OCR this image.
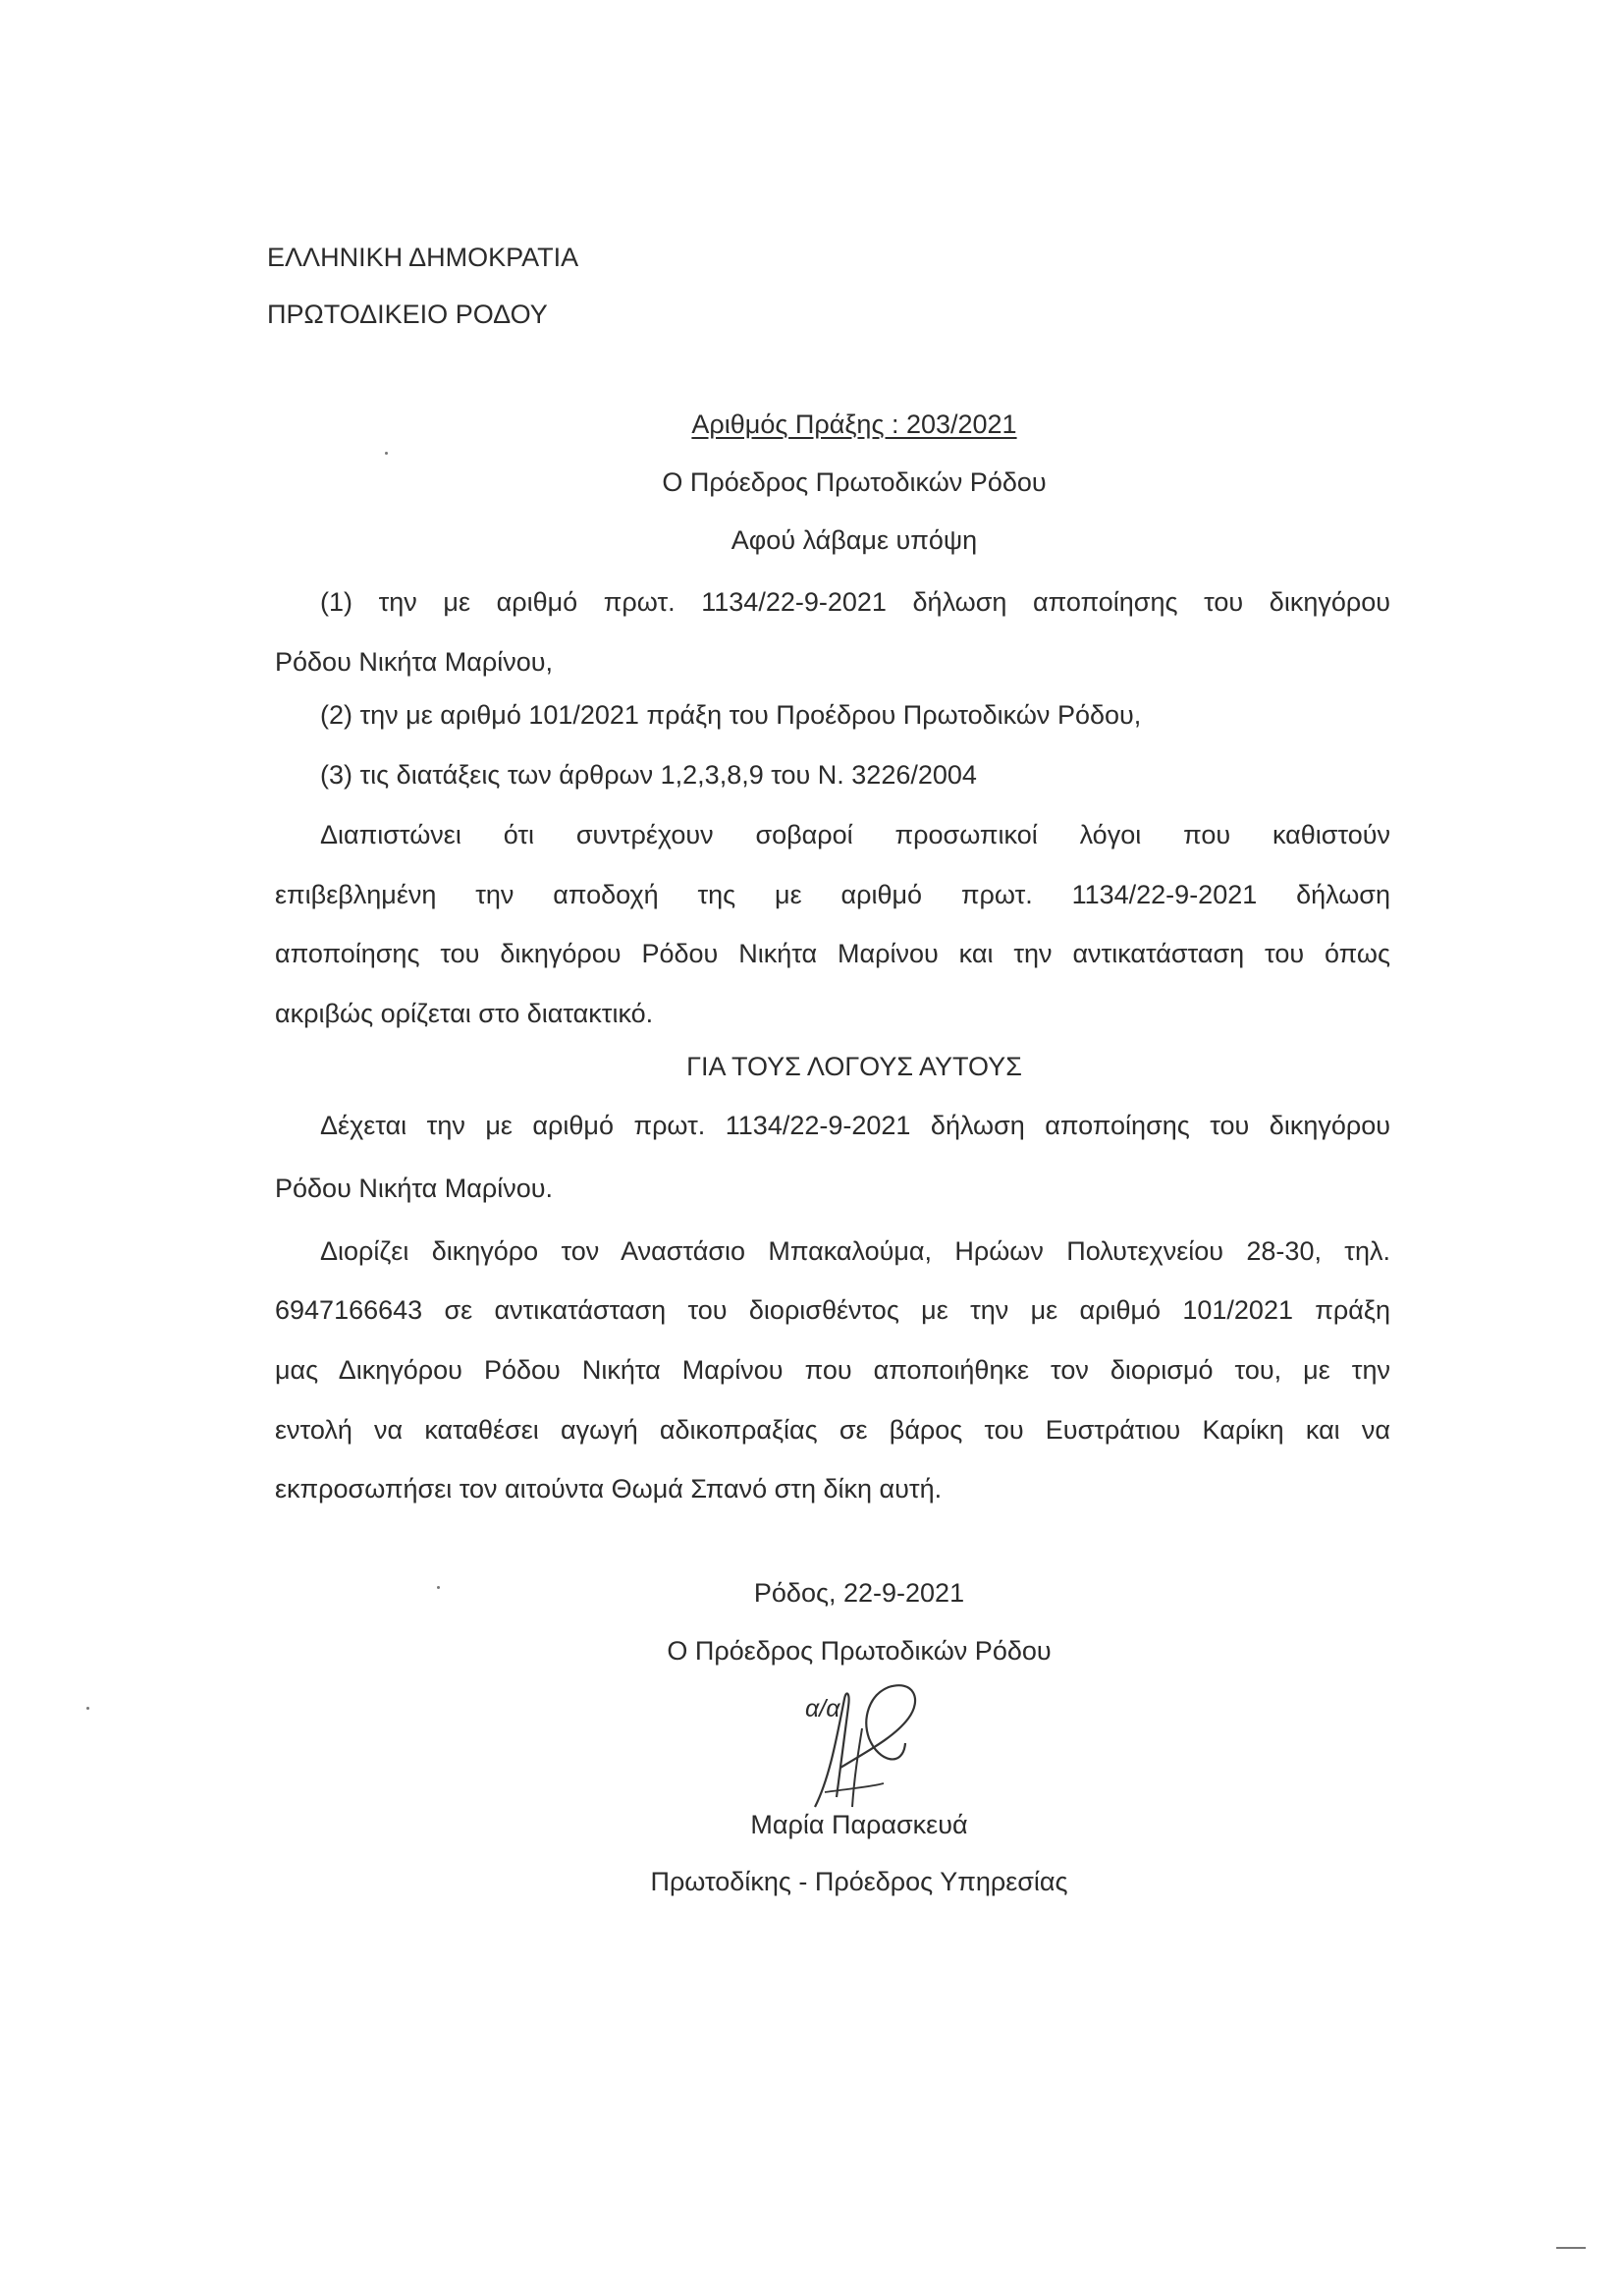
ΕΛΛΗΝΙΚΗ ΔΗΜΟΚΡΑΤΙΑ
ΠΡΩΤΟΔΙΚΕΙΟ ΡΟΔΟΥ
Αριθμός Πράξης : 203/2021
Ο Πρόεδρος Πρωτοδικών Ρόδου
Αφού λάβαμε υπόψη
(1) την με αριθμό πρωτ. 1134/22-9-2021 δήλωση αποποίησης του δικηγόρου
Ρόδου Νικήτα Μαρίνου,
(2) την με αριθμό 101/2021 πράξη του Προέδρου Πρωτοδικών Ρόδου,
(3) τις διατάξεις των άρθρων 1,2,3,8,9 του Ν. 3226/2004
Διαπιστώνει ότι συντρέχουν σοβαροί προσωπικοί λόγοι που καθιστούν
επιβεβλημένη την αποδοχή της με αριθμό πρωτ. 1134/22-9-2021 δήλωση
αποποίησης του δικηγόρου Ρόδου Νικήτα Μαρίνου και την αντικατάσταση του όπως
ακριβώς ορίζεται στο διατακτικό.
ΓΙΑ ΤΟΥΣ ΛΟΓΟΥΣ ΑΥΤΟΥΣ
Δέχεται την με αριθμό πρωτ. 1134/22-9-2021 δήλωση αποποίησης του δικηγόρου
Ρόδου Νικήτα Μαρίνου.
Διορίζει δικηγόρο τον Αναστάσιο Μπακαλούμα, Ηρώων Πολυτεχνείου 28-30, τηλ.
6947166643 σε αντικατάσταση του διορισθέντος με την με αριθμό 101/2021 πράξη
μας Δικηγόρου Ρόδου Νικήτα Μαρίνου που αποποιήθηκε τον διορισμό του, με την
εντολή να καταθέσει αγωγή αδικοπραξίας σε βάρος του Ευστράτιου Καρίκη και να
εκπροσωπήσει τον αιτούντα Θωμά Σπανό στη δίκη αυτή.
Ρόδος, 22-9-2021
Ο Πρόεδρος Πρωτοδικών Ρόδου
α/α
Μαρία Παρασκευά
Πρωτοδίκης - Πρόεδρος Υπηρεσίας
